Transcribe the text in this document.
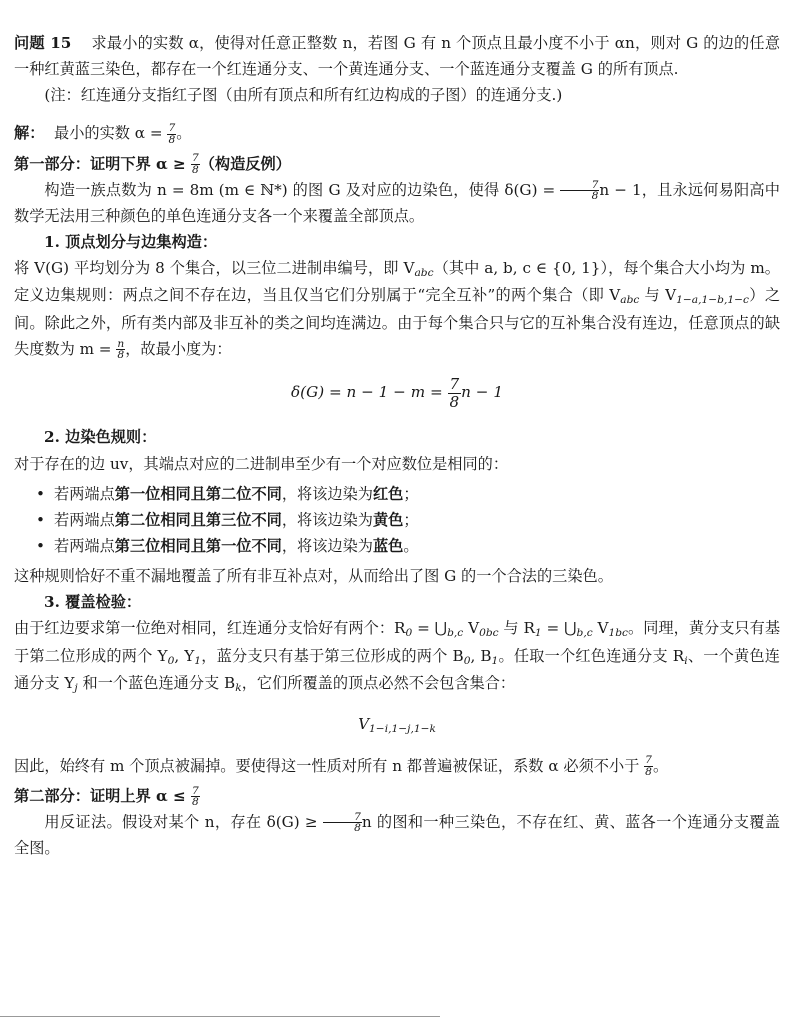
问题 15 求最小的实数 α，使得对任意正整数 n，若图 G 有 n 个顶点且最小度不小于 αn，则对 G 的边的任意一种红黄蓝三染色，都存在一个红连通分支、一个黄连通分支、一个蓝连通分支覆盖 G 的所有顶点.

(注：红连通分支指红子图（由所有顶点和所有红边构成的子图）的连通分支.)

解： 最小的实数 $\alpha = \frac{7}{8}$ 。

第一部分：证明下界 $\alpha \ge \frac{7}{8}$ （构造反例）

构造一族点数为 n = 8m (m ∈ ℕ*) 的图 G 及对应的边染色，使得 $\delta(G) = \frac{7}{8}$ n − 1，且永远何易阳高中数学无法用三种颜色的单色连通分支各一个来覆盖全部顶点。

1. 顶点划分与边集构造：

将 V(G) 平均划分为 8 个集合，以三位二进制串编号，即 $V_{abc}$（其中 a, b, c ∈ {0, 1}），每个集合大小均为 m。定义边集规则：两点之间不存在边，当且仅当它们分别属于“完全互补”的两个集合（即 $V_{abc}$ 与 $V_{1-a,1-b,1-c}$）之间。除此之外，所有类内部及非互补的类之间均连满边。由于每个集合只与它的互补集合没有连边，任意顶点的缺失度数为 $m = \frac{n}{8}$ ，故最小度为：

$\delta(G) = n - 1 - m = \frac{7}{8}$ n − 1

2. 边染色规则：

对于存在的边 uv，其端点对应的二进制串至少有一个对应数位是相同的：

• 若两端点第一位相同且第二位不同，将该边染为红色；
• 若两端点第二位相同且第三位不同，将该边染为黄色；
• 若两端点第三位相同且第一位不同，将该边染为蓝色。

这种规则恰好不重不漏地覆盖了所有非互补点对，从而给出了图 G 的一个合法的三染色。

3. 覆盖检验：

由于红边要求第一位绝对相同，红连通分支恰好有两个：$R_0$ = $⋃_{b,c}$ $V_{0bc}$ 与 $R_1$ = $⋃_{b,c}$ $V_{1bc}$。同理，黄分支只有基于第二位形成的两个 $Y_0$, $Y_1$，蓝分支只有基于第三位形成的两个 $B_0$, $B_1$。任取一个红色连通分支 $R_i$、一个黄色连通分支 $Y_j$ 和一个蓝色连通分支 $B_k$，它们所覆盖的顶点必然不会包含集合：

$V_{1-i,1-j,1-k}$

因此，始终有 m 个顶点被漏掉。要使得这一性质对所有 n 都普遍被保证，系数 α 必须不小于 $\frac{7}{8}$ 。

第二部分：证明上界 $\alpha \le \frac{7}{8}$

用反证法。假设对某个 n，存在 $\delta(G) \ge \frac{7}{8}$ n 的图和一种三染色，不存在红、黄、蓝各一个连通分支覆盖全图。
